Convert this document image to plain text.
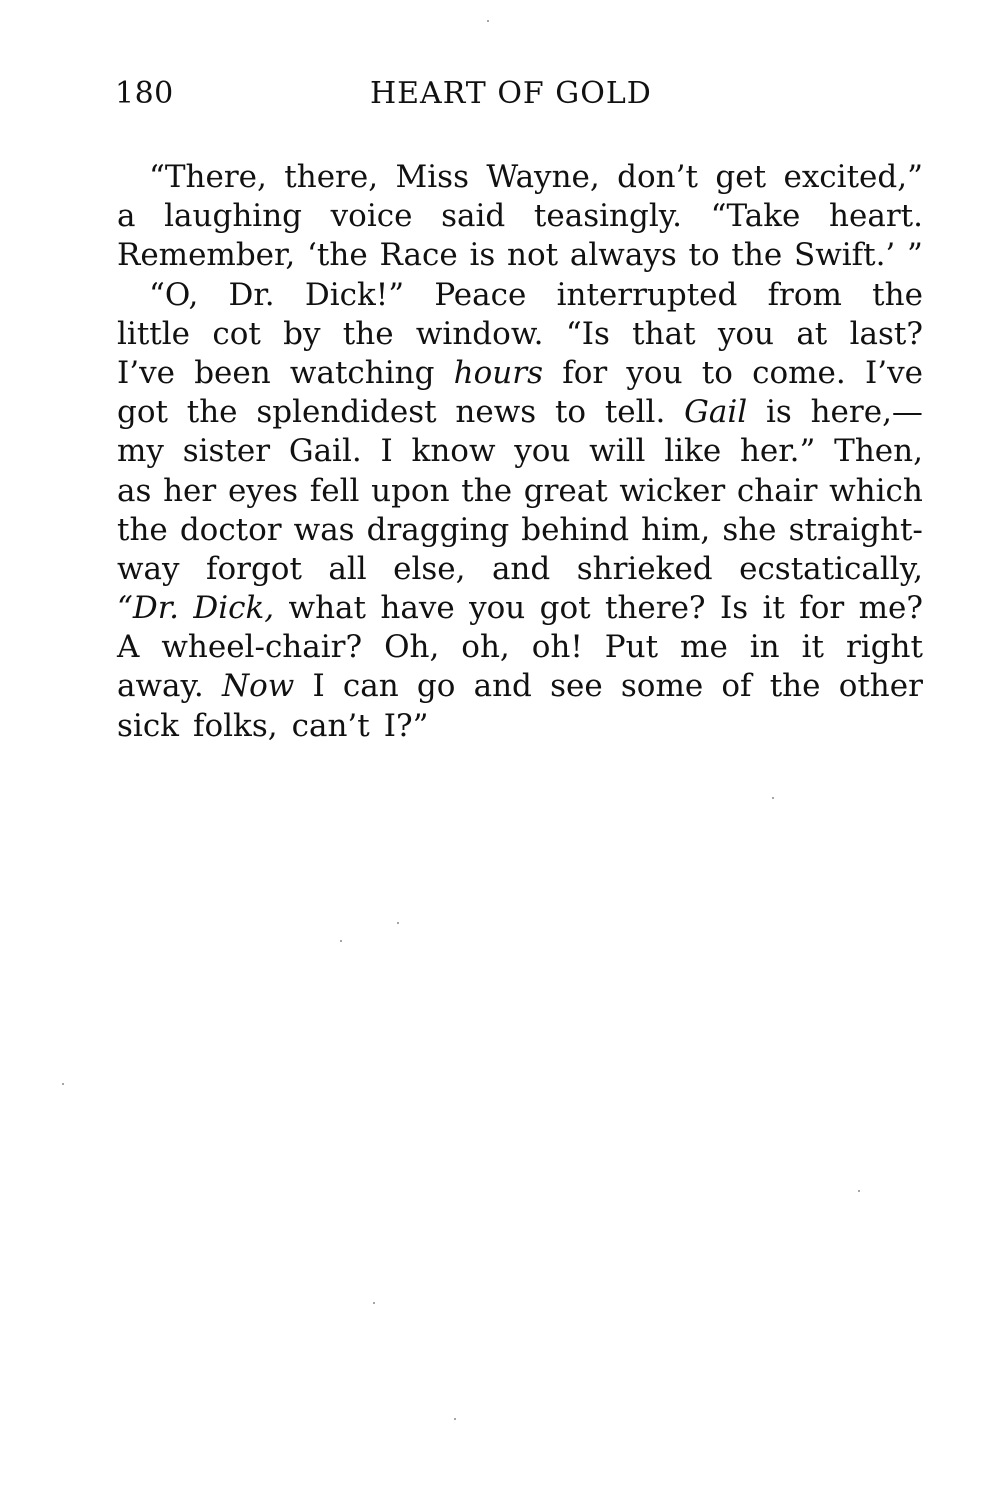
180	HEART OF GOLD
“There, there, Miss Wayne, don’t get excited,”
a laughing voice said teasingly. “Take heart.
Remember, ‘the Race is not always to the Swift.’ ”
“O, Dr. Dick!” Peace interrupted from the
little cot by the window. “Is that you at last?
I’ve been watching hours for you to come. I’ve
got the splendidest news to tell. Gail is here,—
my sister Gail. I know you will like her.” Then,
as her eyes fell upon the great wicker chair which
the doctor was dragging behind him, she straight-
way forgot all else, and shrieked ecstatically,
“Dr. Dick, what have you got there? Is it for me?
A wheel-chair? Oh, oh, oh! Put me in it right
away. Now I can go and see some of the other
sick folks, can’t I?”
